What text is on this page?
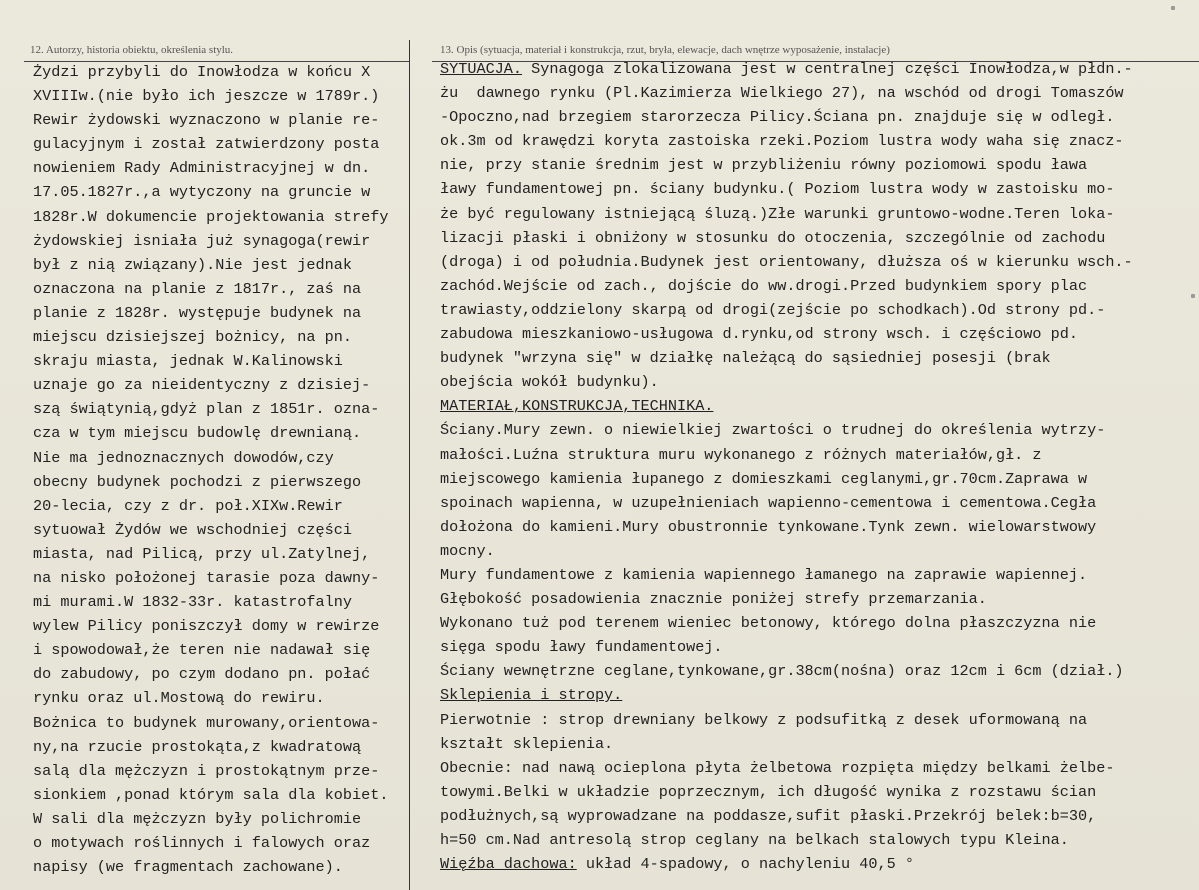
12. Autorzy, historia obiektu, określenia stylu.	13. Opis (sytuacja, materiał i konstrukcja, rzut, bryła, elewacje, dach wnętrze wyposażenie, instalacje)
Żydzi przybyli do Inowłodza w końcu X
XVIIIw.(nie było ich jeszcze w 1789r.)
Rewir żydowski wyznaczono w planie re-
gulacyjnym i został zatwierdzony posta
nowieniem Rady Administracyjnej w dn.
17.05.1827r.,a wytyczony na gruncie w
1828r.W dokumencie projektowania strefy
żydowskiej isniała już synagoga(rewir
był z nią związany).Nie jest jednak
oznaczona na planie z 1817r., zaś na
planie z 1828r. występuje budynek na
miejscu dzisiejszej bożnicy, na pn.
skraju miasta, jednak W.Kalinowski
uznaje go za nieidentyczny z dzisiej-
szą świątynią,gdyż plan z 1851r. ozna-
cza w tym miejscu budowlę drewnianą.
Nie ma jednoznacznych dowodów,czy
obecny budynek pochodzi z pierwszego
20-lecia, czy z dr. poł.XIXw.Rewir
sytuował Żydów we wschodniej części
miasta, nad Pilicą, przy ul.Zatylnej,
na nisko położonej tarasie poza dawny-
mi murami.W 1832-33r. katastrofalny
wylew Pilicy poniszczył domy w rewirze
i spowodował,że teren nie nadawał się
do zabudowy, po czym dodano pn. połać
rynku oraz ul.Mostową do rewiru.
Bożnica to budynek murowany,orientowa-
ny,na rzucie prostokąta,z kwadratową
salą dla mężczyzn i prostokątnym prze-
sionkiem ,ponad którym sala dla kobiet.
W sali dla mężczyzn były polichromie
o motywach roślinnych i falowych oraz
napisy (we fragmentach zachowane).
SYTUACJA. Synagoga zlokalizowana jest w centralnej części Inowłodza,w płdn.-
żu  dawnego rynku (Pl.Kazimierza Wielkiego 27), na wschód od drogi Tomaszów
-Opoczno,nad brzegiem starorzecza Pilicy.Ściana pn. znajduje się w odległ.
ok.3m od krawędzi koryta zastoiska rzeki.Poziom lustra wody waha się znacz-
nie, przy stanie średnim jest w przybliżeniu równy poziomowi spodu ława
ławy fundamentowej pn. ściany budynku.( Poziom lustra wody w zastoisku mo-
że być regulowany istniejącą śluzą.)Złe warunki gruntowo-wodne.Teren loka-
lizacji płaski i obniżony w stosunku do otoczenia, szczególnie od zachodu
(droga) i od południa.Budynek jest orientowany, dłuższa oś w kierunku wsch.-
zachód.Wejście od zach., dojście do ww.drogi.Przed budynkiem spory plac
trawiasty,oddzielony skarpą od drogi(zejście po schodkach).Od strony pd.-
zabudowa mieszkaniowo-usługowa d.rynku,od strony wsch. i częściowo pd.
budynek "wrzyna się" w działkę należącą do sąsiedniej posesji (brak
obejścia wokół budynku).
MATERIAŁ,KONSTRUKCJA,TECHNIKA.
Ściany.Mury zewn. o niewielkiej zwartości o trudnej do określenia wytrzy-
małości.Luźna struktura muru wykonanego z różnych materiałów,gł. z
miejscowego kamienia łupanego z domieszkami ceglanymi,gr.70cm.Zaprawa w
spoinach wapienna, w uzupełnieniach wapienno-cementowa i cementowa.Cegła
dołożona do kamieni.Mury obustronnie tynkowane.Tynk zewn. wielowarstwowy
mocny.
Mury fundamentowe z kamienia wapiennego łamanego na zaprawie wapiennej.
Głębokość posadowienia znacznie poniżej strefy przemarzania.
Wykonano tuż pod terenem wieniec betonowy, którego dolna płaszczyzna nie
sięga spodu ławy fundamentowej.
Ściany wewnętrzne ceglane,tynkowane,gr.38cm(nośna) oraz 12cm i 6cm (dział.)
Sklepienia i stropy.
Pierwotnie : strop drewniany belkowy z podsufitką z desek uformowaną na
kształt sklepienia.
Obecnie: nad nawą ocieplona płyta żelbetowa rozpięta między belkami żelbe-
towymi.Belki w układzie poprzecznym, ich długość wynika z rozstawu ścian
podłużnych,są wyprowadzane na poddasze,sufit płaski.Przekrój belek:b=30,
h=50 cm.Nad antresolą strop ceglany na belkach stalowych typu Kleina.
Więźba dachowa: układ 4-spadowy, o nachyleniu 40,5 °
